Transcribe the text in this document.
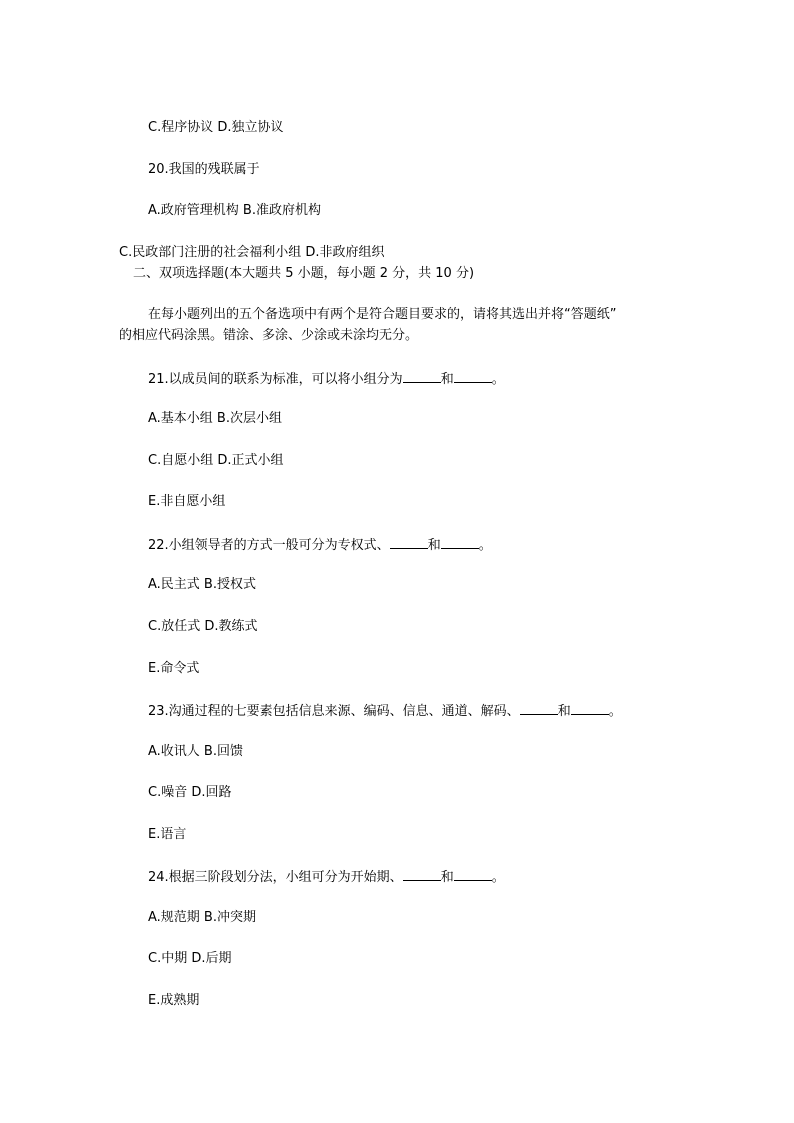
C.程序协议 D.独立协议
20.我国的残联属于
A.政府管理机构 B.准政府机构
C.民政部门注册的社会福利小组 D.非政府组织
二、双项选择题(本大题共 5 小题，每小题 2 分，共 10 分)
在每小题列出的五个备选项中有两个是符合题目要求的，请将其选出并将“答题纸”
的相应代码涂黑。错涂、多涂、少涂或未涂均无分。
21.以成员间的联系为标准，可以将小组分为	和	。
A.基本小组 B.次层小组
C.自愿小组 D.正式小组
E.非自愿小组
22.小组领导者的方式一般可分为专权式、	和	。
A.民主式 B.授权式
C.放任式 D.教练式
E.命令式
23.沟通过程的七要素包括信息来源、编码、信息、通道、解码、	和	。
A.收讯人 B.回馈
C.噪音 D.回路
E.语言
24.根据三阶段划分法，小组可分为开始期、	和	。
A.规范期 B.冲突期
C.中期 D.后期
E.成熟期
